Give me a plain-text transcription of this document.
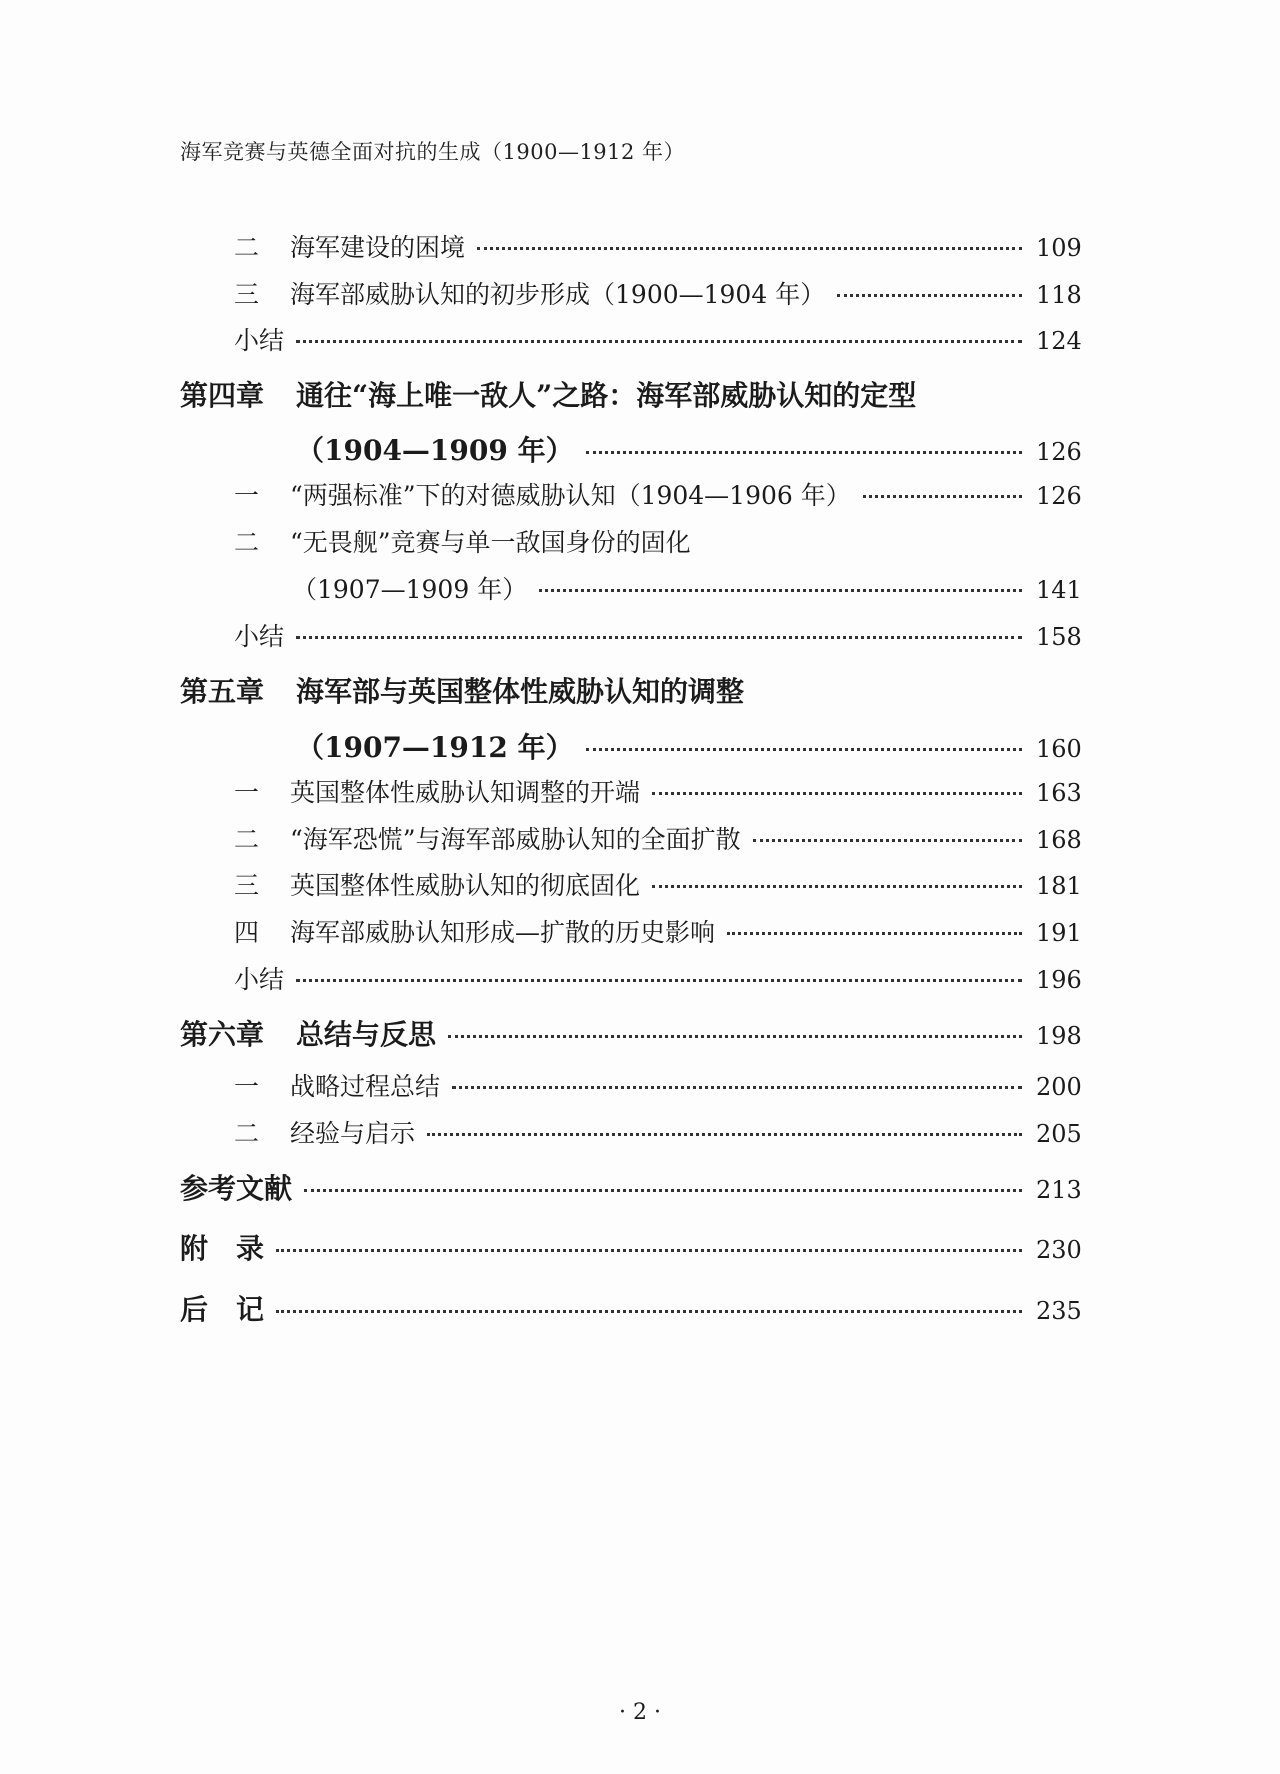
海军竞赛与英德全面对抗的生成（1900—1912 年）
二	海军建设的困境	109
三	海军部威胁认知的初步形成（1900—1904 年）	118
小结	124
第四章	通往“海上唯一敌人”之路：海军部威胁认知的定型
（1904—1909 年）	126
一	“两强标准”下的对德威胁认知（1904—1906 年）	126
二	“无畏舰”竞赛与单一敌国身份的固化
（1907—1909 年）	141
小结	158
第五章	海军部与英国整体性威胁认知的调整
（1907—1912 年）	160
一	英国整体性威胁认知调整的开端	163
二	“海军恐慌”与海军部威胁认知的全面扩散	168
三	英国整体性威胁认知的彻底固化	181
四	海军部威胁认知形成—扩散的历史影响	191
小结	196
第六章	总结与反思	198
一	战略过程总结	200
二	经验与启示	205
参考文献	213
附　录	230
后　记	235
· 2 ·
